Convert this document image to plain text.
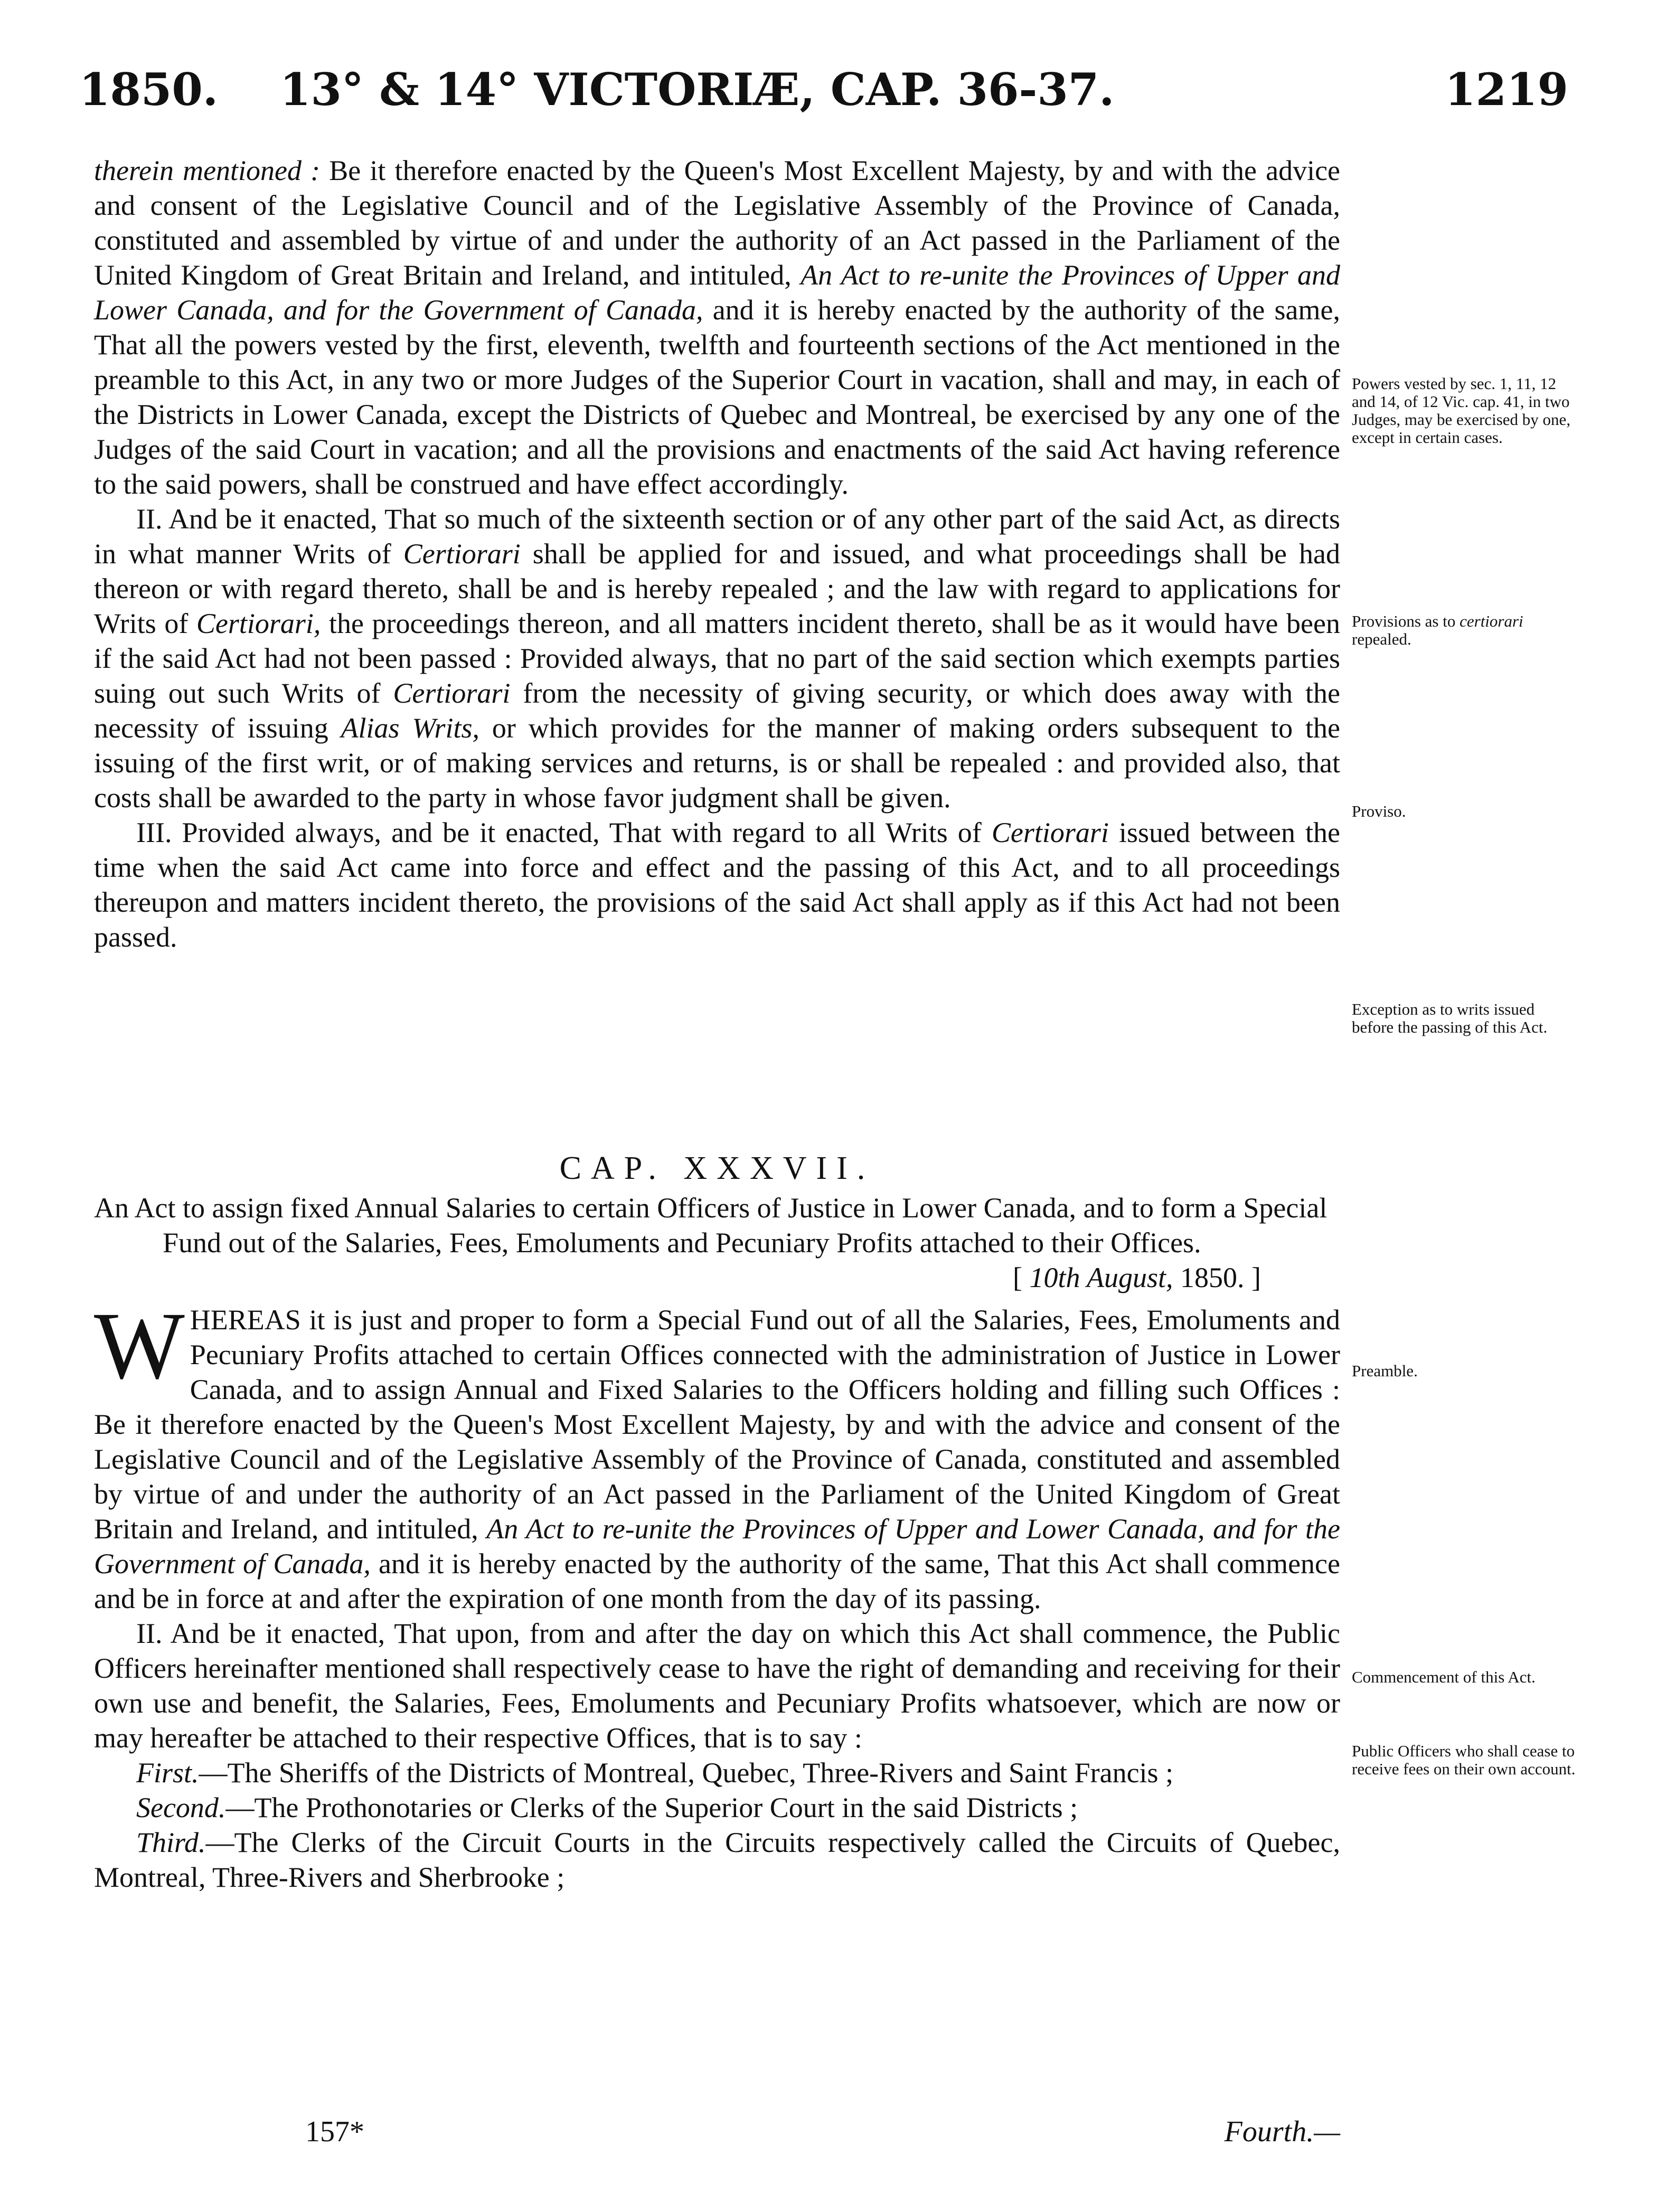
1850. 13° & 14° VICTORIÆ, CAP. 36-37.	1219

therein mentioned : Be it therefore enacted by the Queen's Most Excellent Majesty, by and with the advice and consent of the Legislative Council and of the Legislative Assembly of the Province of Canada, constituted and assembled by virtue of and under the authority of an Act passed in the Parliament of the United Kingdom of Great Britain and Ireland, and intituled, An Act to re-unite the Provinces of Upper and Lower Canada, and for the Government of Canada, and it is hereby enacted by the authority of the same, That all the powers vested by the first, eleventh, twelfth and fourteenth sections of the Act mentioned in the preamble to this Act, in any two or more Judges of the Superior Court in vacation, shall and may, in each of the Districts in Lower Canada, except the Districts of Quebec and Montreal, be exercised by any one of the Judges of the said Court in vacation; and all the provisions and enactments of the said Act having reference to the said powers, shall be construed and have effect accordingly.

II. And be it enacted, That so much of the sixteenth section or of any other part of the said Act, as directs in what manner Writs of Certiorari shall be applied for and issued, and what proceedings shall be had thereon or with regard thereto, shall be and is hereby repealed ; and the law with regard to applications for Writs of Certiorari, the proceedings thereon, and all matters incident thereto, shall be as it would have been if the said Act had not been passed : Provided always, that no part of the said section which exempts parties suing out such Writs of Certiorari from the necessity of giving security, or which does away with the necessity of issuing Alias Writs, or which provides for the manner of making orders subsequent to the issuing of the first writ, or of making services and returns, is or shall be repealed : and provided also, that costs shall be awarded to the party in whose favor judgment shall be given.

III. Provided always, and be it enacted, That with regard to all Writs of Certiorari issued between the time when the said Act came into force and effect and the passing of this Act, and to all proceedings thereupon and matters incident thereto, the provisions of the said Act shall apply as if this Act had not been passed.

CAP. XXXVII.

An Act to assign fixed Annual Salaries to certain Officers of Justice in Lower Canada, and to form a Special Fund out of the Salaries, Fees, Emoluments and Pecuniary Profits attached to their Offices.

[ 10th August, 1850. ]

WHEREAS it is just and proper to form a Special Fund out of all the Salaries, Fees, Emoluments and Pecuniary Profits attached to certain Offices connected with the administration of Justice in Lower Canada, and to assign Annual and Fixed Salaries to the Officers holding and filling such Offices : Be it therefore enacted by the Queen's Most Excellent Majesty, by and with the advice and consent of the Legislative Council and of the Legislative Assembly of the Province of Canada, constituted and assembled by virtue of and under the authority of an Act passed in the Parliament of the United Kingdom of Great Britain and Ireland, and intituled, An Act to re-unite the Provinces of Upper and Lower Canada, and for the Government of Canada, and it is hereby enacted by the authority of the same, That this Act shall commence and be in force at and after the expiration of one month from the day of its passing.

II. And be it enacted, That upon, from and after the day on which this Act shall commence, the Public Officers hereinafter mentioned shall respectively cease to have the right of demanding and receiving for their own use and benefit, the Salaries, Fees, Emoluments and Pecuniary Profits whatsoever, which are now or may hereafter be attached to their respective Offices, that is to say :

First.—The Sheriffs of the Districts of Montreal, Quebec, Three-Rivers and Saint Francis ;

Second.—The Prothonotaries or Clerks of the Superior Court in the said Districts ;

Third.—The Clerks of the Circuit Courts in the Circuits respectively called the Circuits of Quebec, Montreal, Three-Rivers and Sherbrooke ;

157*	Fourth.—
Powers vested by sec. 1, 11, 12 and 14, of 12 Vic. cap. 41, in two Judges, may be exercised by one, except in certain cases.
Provisions as to certiorari repealed.
Proviso.
Exception as to writs issued before the passing of this Act.
Preamble.
Commencement of this Act.
Public Officers who shall cease to receive fees on their own account.
